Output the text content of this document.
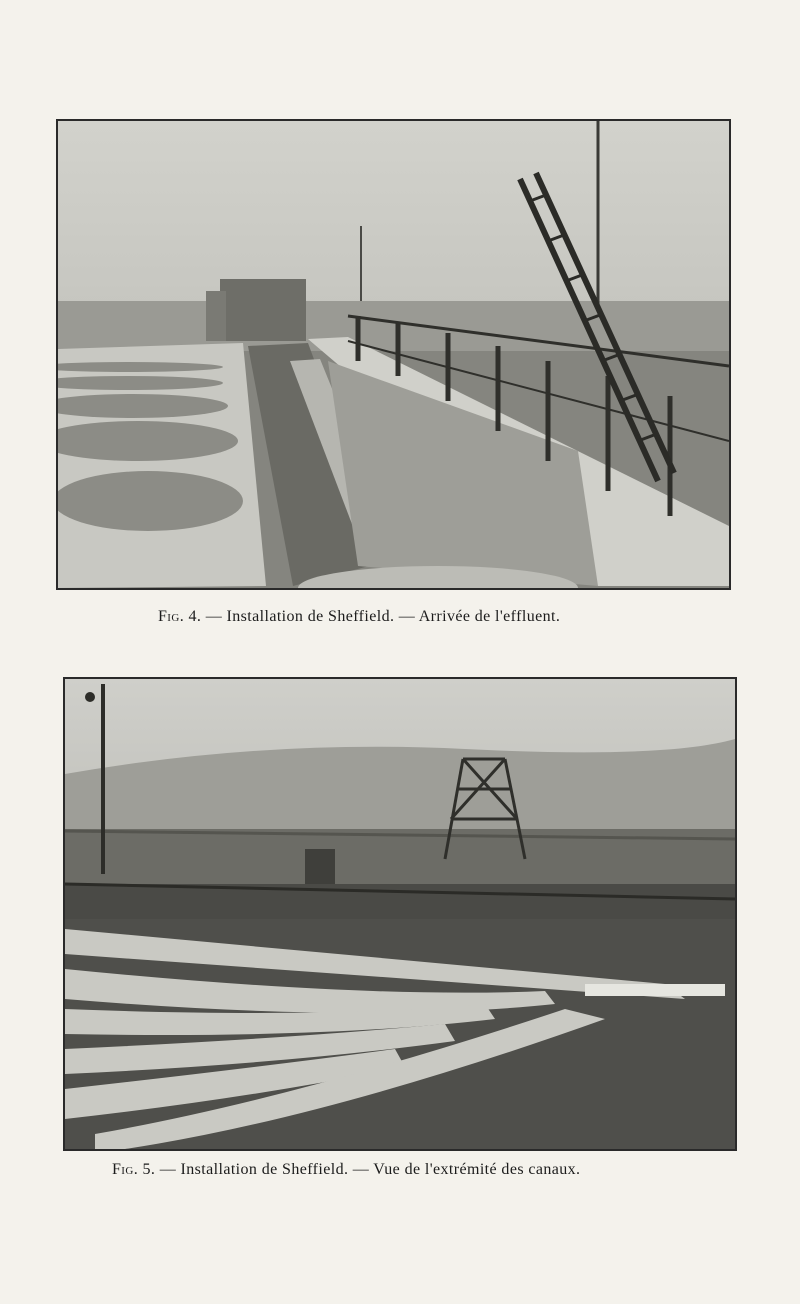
Fig. 4. — Installation de Sheffield. — Arrivée de l'effluent.
Fig. 5. — Installation de Sheffield. — Vue de l'extrémité des canaux.
